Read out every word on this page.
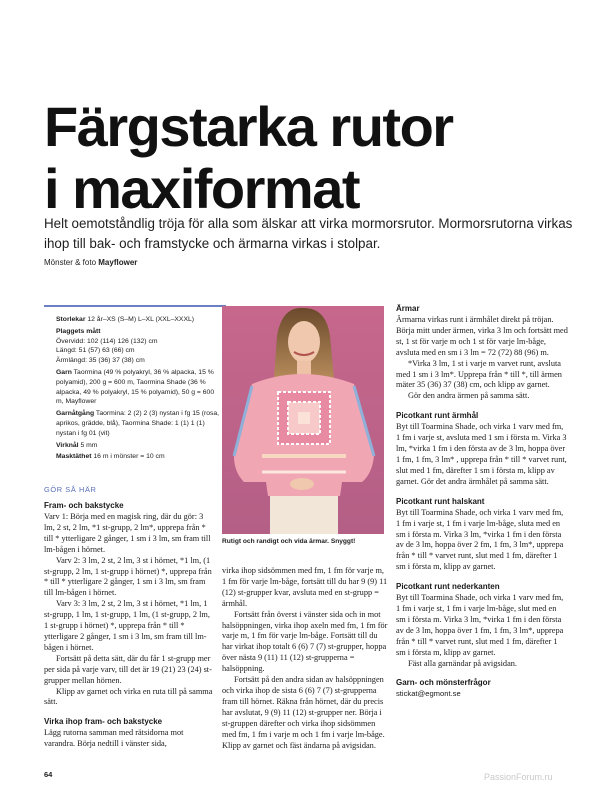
Färgstarka rutor
i maxiformat
Helt oemotståndlig tröja för alla som älskar att virka mormorsrutor. Mormorsrutorna virkas ihop till bak- och framstycke och ärmarna virkas i stolpar.
Mönster & foto Mayflower
Storlekar 12 år–XS (S–M) L–XL (XXL–XXXL)
Plaggets mått
Övervidd: 102 (114) 126 (132) cm
Längd: 51 (57) 63 (66) cm
Ärmlängd: 35 (36) 37 (38) cm
Garn Taormina (49 % polyakryl, 36 % alpacka, 15 % polyamid), 200 g = 600 m, Taormina Shade (36 % alpacka, 49 % polyakryl, 15 % polyamid), 50 g = 600 m, Mayflower
Garnåtgång Taormina: 2 (2) 2 (3) nystan i fg 15 (rosa, aprikos, grädde, blå), Taormina Shade: 1 (1) 1 (1) nystan i fg 01 (vit)
Virknål 5 mm
Masktäthet 16 m i mönster = 10 cm
GÖR SÅ HÄR

Fram- och bakstycke

Varv 1: Börja med en magisk ring, där du gör: 3 lm, 2 st, 2 lm, *1 st-grupp, 2 lm*, upprepa från * till * ytterligare 2 gånger, 1 sm i 3 lm, sm fram till lm-bågen i hörnet.

Varv 2: 3 lm, 2 st, 2 lm, 3 st i hörnet, *1 lm, (1 st-grupp, 2 lm, 1 st-grupp i hörnet) *, upprepa från * till * ytterligare 2 gånger, 1 sm i 3 lm, sm fram till lm-bågen i hörnet.

Varv 3: 3 lm, 2 st, 2 lm, 3 st i hörnet, *1 lm, 1 st-grupp, 1 lm, 1 st-grupp, 1 lm, (1 st-grupp, 2 lm, 1 st-grupp i hörnet) *, upprepa från * till * ytterligare 2 gånger, 1 sm i 3 lm, sm fram till lm-bågen i hörnet.

Fortsätt på detta sätt, där du får 1 st-grupp mer per sida på varje varv, till det är 19 (21) 23 (24) st-grupper mellan hörnen.

Klipp av garnet och virka en ruta till på samma sätt.

Virka ihop fram- och bakstycke

Lägg rutorna samman med rätsidorna mot varandra. Börja nedtill i vänster sida,

Rutigt och randigt och vida ärmar. Snyggt!

virka ihop sidsömmen med fm, 1 fm för varje m, 1 fm för varje lm-båge, fortsätt till du har 9 (9) 11 (12) st-grupper kvar, avsluta med en st-grupp = ärmhål.

Fortsätt från överst i vänster sida och in mot halsöppningen, virka ihop axeln med fm, 1 fm för varje m, 1 fm för varje lm-båge. Fortsätt till du har virkat ihop totalt 6 (6) 7 (7) st-grupper, hoppa över nästa 9 (11) 11 (12) st-grupperna = halsöppning.

Fortsätt på den andra sidan av halsöppningen och virka ihop de sista 6 (6) 7 (7) st-grupperna fram till hörnet. Räkna från hörnet, där du precis har avslutat, 9 (9) 11 (12) st-grupper ner. Börja i st-gruppen därefter och virka ihop sidsömmen med fm, 1 fm i varje m och 1 fm i varje lm-båge. Klipp av garnet och fäst ändarna på avigsidan.

Ärmar

Ärmarna virkas runt i ärmhålet direkt på tröjan. Börja mitt under ärmen, virka 3 lm och fortsätt med st, 1 st för varje m och 1 st för varje lm-båge, avsluta med en sm i 3 lm = 72 (72) 88 (96) m.

*Virka 3 lm, 1 st i varje m varvet runt, avsluta med 1 sm i 3 lm*. Upprepa från * till *, till ärmen mäter 35 (36) 37 (38) cm, och klipp av garnet.

Gör den andra ärmen på samma sätt.

Picotkant runt ärmhål

Byt till Toarmina Shade, och virka 1 varv med fm, 1 fm i varje st, avsluta med 1 sm i första m. Virka 3 lm, *virka 1 fm i den första av de 3 lm, hoppa över 1 fm, 1 fm, 3 lm* , upprepa från * till * varvet runt, slut med 1 fm, därefter 1 sm i första m, klipp av garnet. Gör det andra ärmhålet på samma sätt.

Picotkant runt halskant

Byt till Toarmina Shade, och virka 1 varv med fm, 1 fm i varje st, 1 fm i varje lm-båge, sluta med en sm i första m. Virka 3 lm, *virka 1 fm i den första av de 3 lm, hoppa över 2 fm, 1 fm, 3 lm*, upprepa från * till * varvet runt, slut med 1 fm, därefter 1 sm i första m, klipp av garnet.

Picotkant runt nederkanten

Byt till Toarmina Shade, och virka 1 varv med fm, 1 fm i varje st, 1 fm i varje lm-båge, slut med en sm i första m. Virka 3 lm, *virka 1 fm i den första av de 3 lm, hoppa över 1 fm, 1 fm, 3 lm*, upprepa från * till * varvet runt, slut med 1 fm, därefter 1 sm i första m, klipp av garnet.

Fäst alla garnändar på avigsidan.

Garn- och mönsterfrågor

stickat@egmont.se

64	PassionForum.ru
